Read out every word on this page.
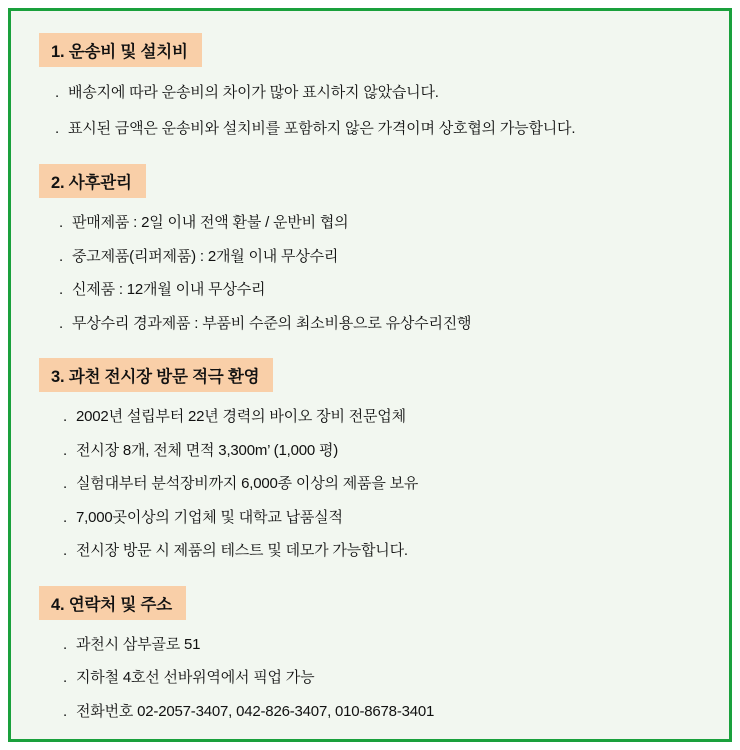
1. 운송비 및 설치비
. 배송지에 따라 운송비의 차이가 많아 표시하지 않았습니다.
. 표시된 금액은 운송비와 설치비를 포함하지 않은 가격이며 상호협의 가능합니다.
2. 사후관리
. 판매제품 : 2일 이내 전액 환불 / 운반비 협의
. 중고제품(리퍼제품) : 2개월 이내 무상수리
. 신제품 : 12개월 이내 무상수리
. 무상수리 경과제품 : 부품비 수준의 최소비용으로 유상수리진행
3. 과천 전시장 방문 적극 환영
. 2002년 설립부터 22년 경력의 바이오 장비 전문업체
. 전시장 8개, 전체 면적 3,300m’ (1,000 평)
. 실험대부터 분석장비까지 6,000종 이상의 제품을 보유
. 7,000곳이상의 기업체 및 대학교 납품실적
. 전시장 방문 시 제품의 테스트 및 데모가 가능합니다.
4. 연락처 및 주소
. 과천시 삼부골로 51
. 지하철 4호선 선바위역에서 픽업 가능
. 전화번호 02-2057-3407, 042-826-3407, 010-8678-3401
